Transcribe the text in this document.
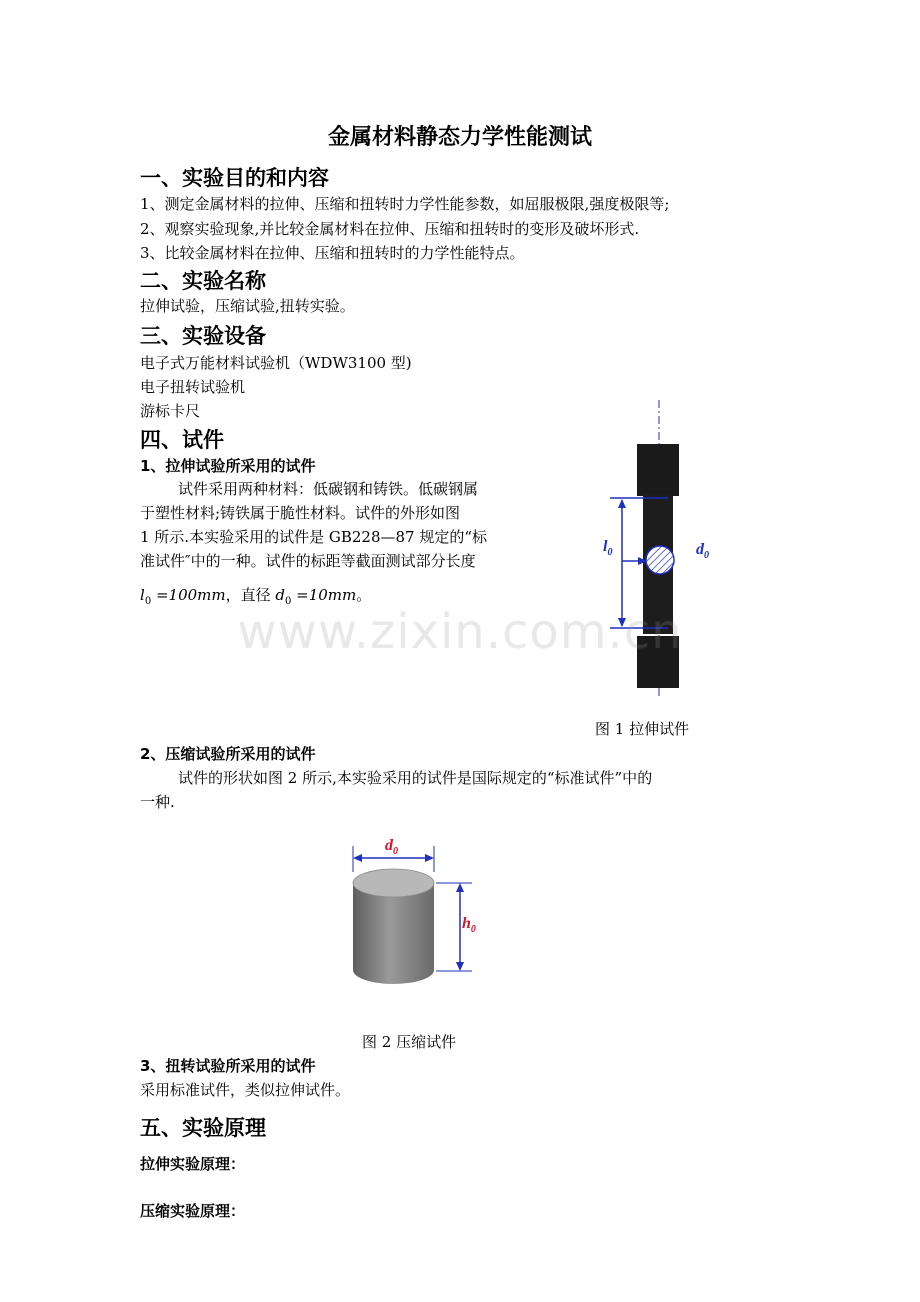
金属材料静态力学性能测试
一、实验目的和内容
1、测定金属材料的拉伸、压缩和扭转时力学性能参数，如屈服极限,强度极限等;
2、观察实验现象,并比较金属材料在拉伸、压缩和扭转时的变形及破坏形式.
3、比较金属材料在拉伸、压缩和扭转时的力学性能特点。
二、实验名称
拉伸试验，压缩试验,扭转实验。
三、实验设备
电子式万能材料试验机（WDW3100 型)
电子扭转试验机
游标卡尺
四、试件
1、拉伸试验所采用的试件
试件采用两种材料：低碳钢和铸铁。低碳钢属
于塑性材料;铸铁属于脆性材料。试件的外形如图
1 所示.本实验采用的试件是 GB228—87 规定的“标
准试件″中的一种。试件的标距等截面测试部分长度
$l_0 =100mm$，直径 $d_0 =10mm$。
$l_0$	$d_0$
图 1 拉伸试件
2、压缩试验所采用的试件
试件的形状如图 2 所示,本实验采用的试件是国际规定的“标准试件”中的
一种.
$d_0$
$h_0$
图 2 压缩试件
3、扭转试验所采用的试件
采用标准试件，类似拉伸试件。
五、实验原理
拉伸实验原理：
压缩实验原理：
www.zixin.com.cn
